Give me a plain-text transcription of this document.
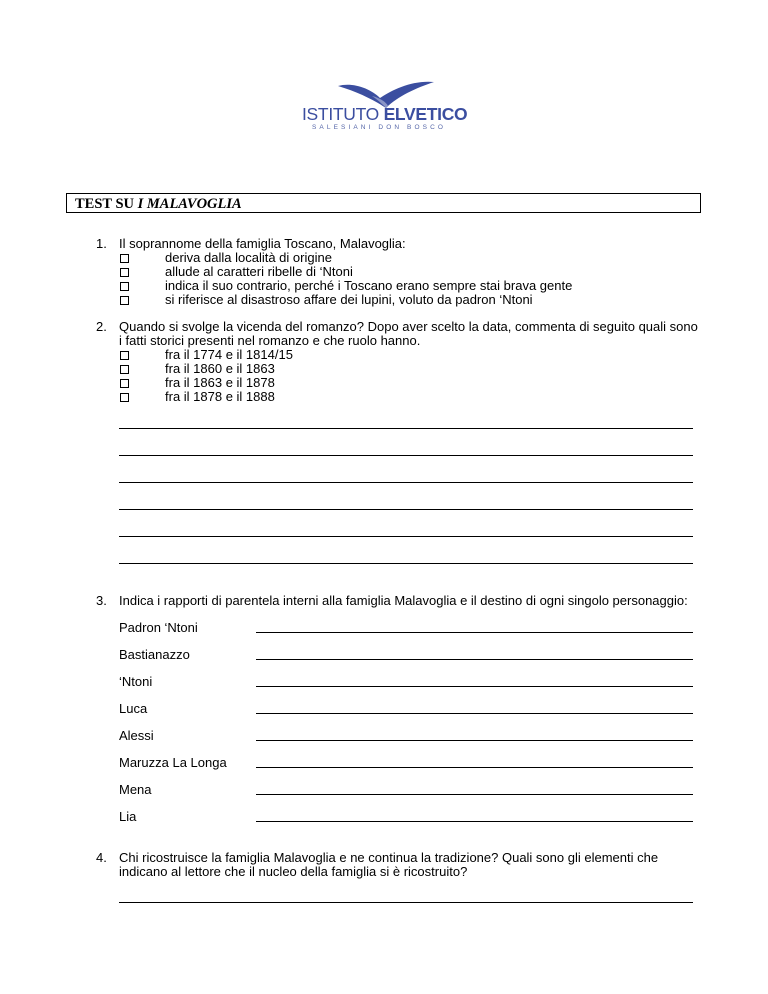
ISTITUTO ELVETICO
SALESIANI DON BOSCO
TEST SU I MALAVOGLIA
1. Il soprannome della famiglia Toscano, Malavoglia:
deriva dalla località di origine
allude al caratteri ribelle di ‘Ntoni
indica il suo contrario, perché i Toscano erano sempre stai brava gente
si riferisce al disastroso affare dei lupini, voluto da padron ‘Ntoni
2. Quando si svolge la vicenda del romanzo? Dopo aver scelto la data, commenta di seguito quali sono
i fatti storici presenti nel romanzo e che ruolo hanno.
fra il 1774 e il 1814/15
fra il 1860 e il 1863
fra il 1863 e il 1878
fra il 1878 e il 1888
3. Indica i rapporti di parentela interni alla famiglia Malavoglia e il destino di ogni singolo personaggio:
Padron ‘Ntoni
Bastianazzo
‘Ntoni
Luca
Alessi
Maruzza La Longa
Mena
Lia
4. Chi ricostruisce la famiglia Malavoglia e ne continua la tradizione? Quali sono gli elementi che
indicano al lettore che il nucleo della famiglia si è ricostruito?
